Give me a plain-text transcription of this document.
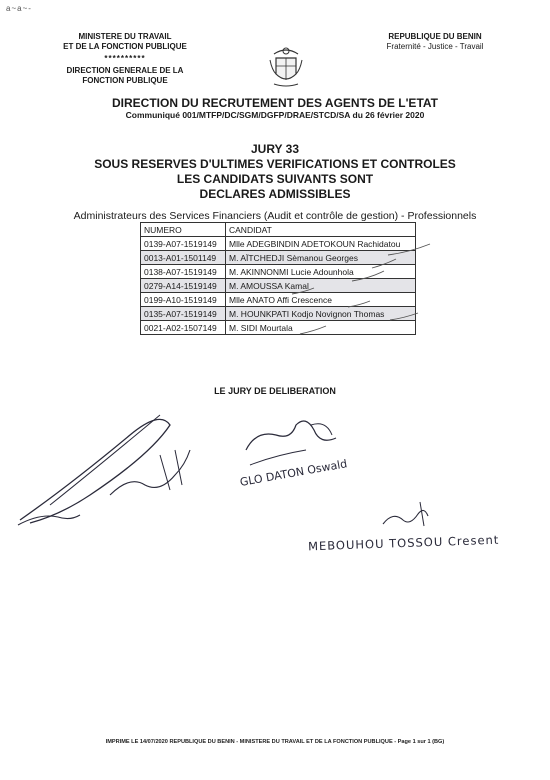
a~a~-
MINISTERE DU TRAVAIL
ET DE LA FONCTION PUBLIQUE
**********
DIRECTION GENERALE DE LA
FONCTION PUBLIQUE
REPUBLIQUE DU BENIN
Fraternité - Justice - Travail
DIRECTION DU RECRUTEMENT DES AGENTS DE L'ETAT
Communiqué 001/MTFP/DC/SGM/DGFP/DRAE/STCD/SA du 26 février 2020
JURY 33
SOUS RESERVES D'ULTIMES VERIFICATIONS ET CONTROLES
LES CANDIDATS SUIVANTS SONT
DECLARES ADMISSIBLES
Administrateurs des Services Financiers (Audit et contrôle de gestion) - Professionnels
NUMERO	CANDIDAT
0139-A07-1519149	Mlle ADEGBINDIN ADETOKOUN Rachidatou
0013-A01-1501149	M. AÏTCHEDJI Sèmanou Georges
0138-A07-1519149	M. AKINNONMI Lucie Adounhola
0279-A14-1519149	M. AMOUSSA Kamal
0199-A10-1519149	Mlle ANATO Affi Crescence
0135-A07-1519149	M. HOUNKPATI Kodjo Novignon Thomas
0021-A02-1507149	M. SIDI Mourtala
LE JURY DE DELIBERATION
GLO DATON Oswald
MEBOUHOU TOSSOU Cresent
IMPRIME LE 14/07/2020 REPUBLIQUE DU BENIN - MINISTERE DU TRAVAIL ET DE LA FONCTION PUBLIQUE - Page 1 sur 1 (BG)
